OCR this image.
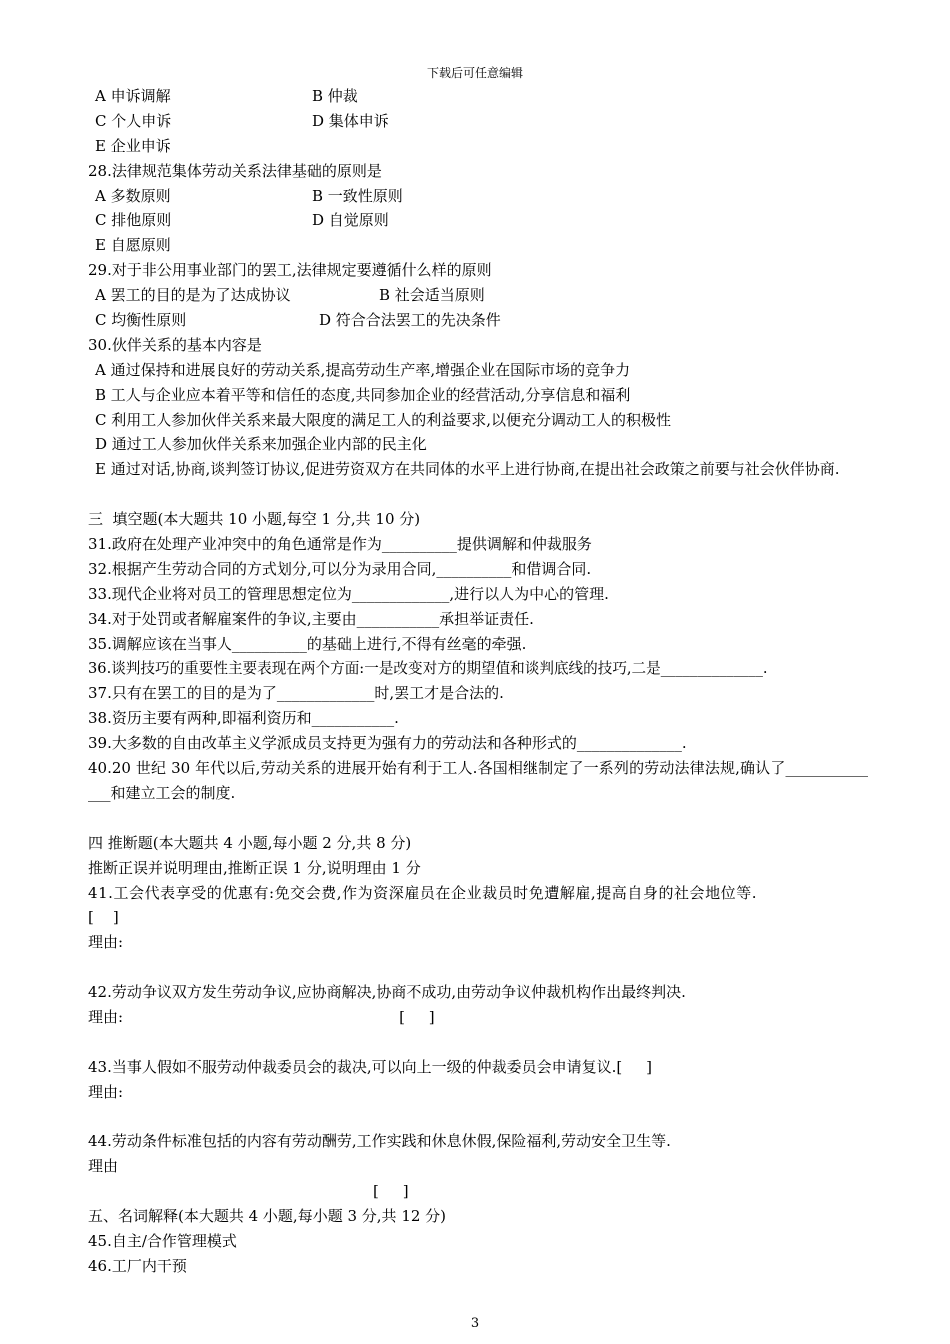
下载后可任意编辑
A 申诉调解	B 仲裁
C 个人申诉	D 集体申诉
E 企业申诉
28.法律规范集体劳动关系法律基础的原则是
A 多数原则	B 一致性原则
C 排他原则	D 自觉原则
E 自愿原则
29.对于非公用事业部门的罢工,法律规定要遵循什么样的原则
A 罢工的目的是为了达成协议	B 社会适当原则
C 均衡性原则	D 符合合法罢工的先决条件
30.伙伴关系的基本内容是
A 通过保持和进展良好的劳动关系,提高劳动生产率,增强企业在国际市场的竞争力
B 工人与企业应本着平等和信任的态度,共同参加企业的经营活动,分享信息和福利
C 利用工人参加伙伴关系来最大限度的满足工人的利益要求,以便充分调动工人的积极性
D 通过工人参加伙伴关系来加强企业内部的民主化
E 通过对话,协商,谈判签订协议,促进劳资双方在共同体的水平上进行协商,在提出社会政策之前要与社会伙伴协商.
三  填空题(本大题共 10 小题,每空 1 分,共 10 分)
31.政府在处理产业冲突中的角色通常是作为__________提供调解和仲裁服务
32.根据产生劳动合同的方式划分,可以分为录用合同,__________和借调合同.
33.现代企业将对员工的管理思想定位为_____________,进行以人为中心的管理.
34.对于处罚或者解雇案件的争议,主要由___________承担举证责任.
35.调解应该在当事人__________的基础上进行,不得有丝毫的牵强.
36.谈判技巧的重要性主要表现在两个方面:一是改变对方的期望值和谈判底线的技巧,二是______________.
37.只有在罢工的目的是为了_____________时,罢工才是合法的.
38.资历主要有两种,即福利资历和___________.
39.大多数的自由改革主义学派成员支持更为强有力的劳动法和各种形式的______________.
40.20 世纪 30 年代以后,劳动关系的进展开始有利于工人.各国相继制定了一系列的劳动法律法规,确认了______________和建立工会的制度.
四 推断题(本大题共 4 小题,每小题 2 分,共 8 分)
推断正误并说明理由,推断正误 1 分,说明理由 1 分
41.工会代表享受的优惠有:免交会费,作为资深雇员在企业裁员时免遭解雇,提高自身的社会地位等.
[    ]
理由:
42.劳动争议双方发生劳动争议,应协商解决,协商不成功,由劳动争议仲裁机构作出最终判决.
理由:	[     ]
43.当事人假如不服劳动仲裁委员会的裁决,可以向上一级的仲裁委员会申请复议.[     ]
理由:
44.劳动条件标准包括的内容有劳动酬劳,工作实践和休息休假,保险福利,劳动安全卫生等.
理由
[     ]
五、名词解释(本大题共 4 小题,每小题 3 分,共 12 分)
45.自主/合作管理模式
46.工厂内干预
3
